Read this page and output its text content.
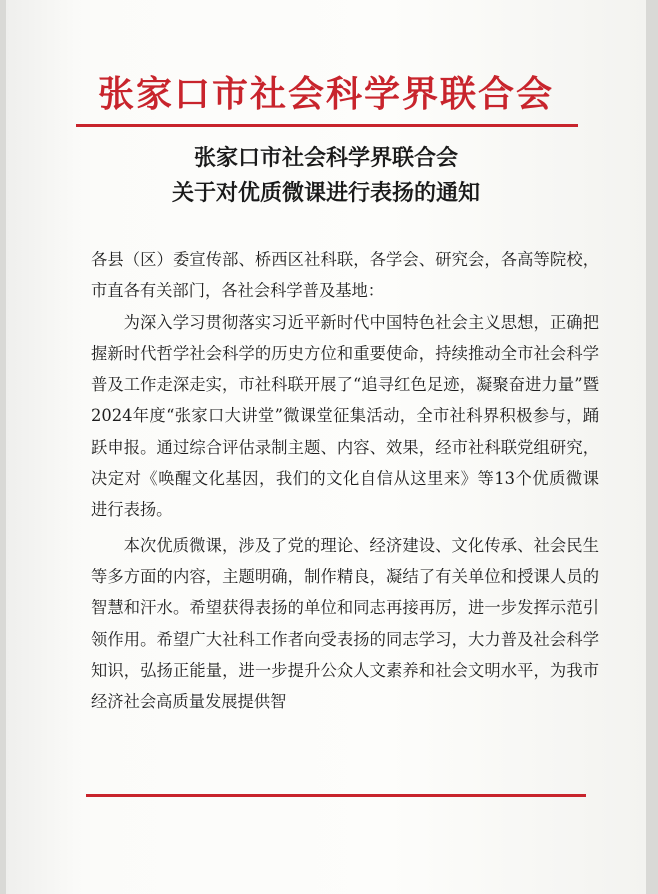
张家口市社会科学界联合会
张家口市社会科学界联合会
关于对优质微课进行表扬的通知

各县（区）委宣传部、桥西区社科联，各学会、研究会，各高等院校，市直各有关部门，各社会科学普及基地：

为深入学习贯彻落实习近平新时代中国特色社会主义思想，正确把握新时代哲学社会科学的历史方位和重要使命，持续推动全市社会科学普及工作走深走实，市社科联开展了“追寻红色足迹，凝聚奋进力量”暨2024年度“张家口大讲堂”微课堂征集活动，全市社科界积极参与，踊跃申报。通过综合评估录制主题、内容、效果，经市社科联党组研究，决定对《唤醒文化基因，我们的文化自信从这里来》等13个优质微课进行表扬。

本次优质微课，涉及了党的理论、经济建设、文化传承、社会民生等多方面的内容，主题明确，制作精良，凝结了有关单位和授课人员的智慧和汗水。希望获得表扬的单位和同志再接再厉，进一步发挥示范引领作用。希望广大社科工作者向受表扬的同志学习，大力普及社会科学知识，弘扬正能量，进一步提升公众人文素养和社会文明水平，为我市经济社会高质量发展提供智
